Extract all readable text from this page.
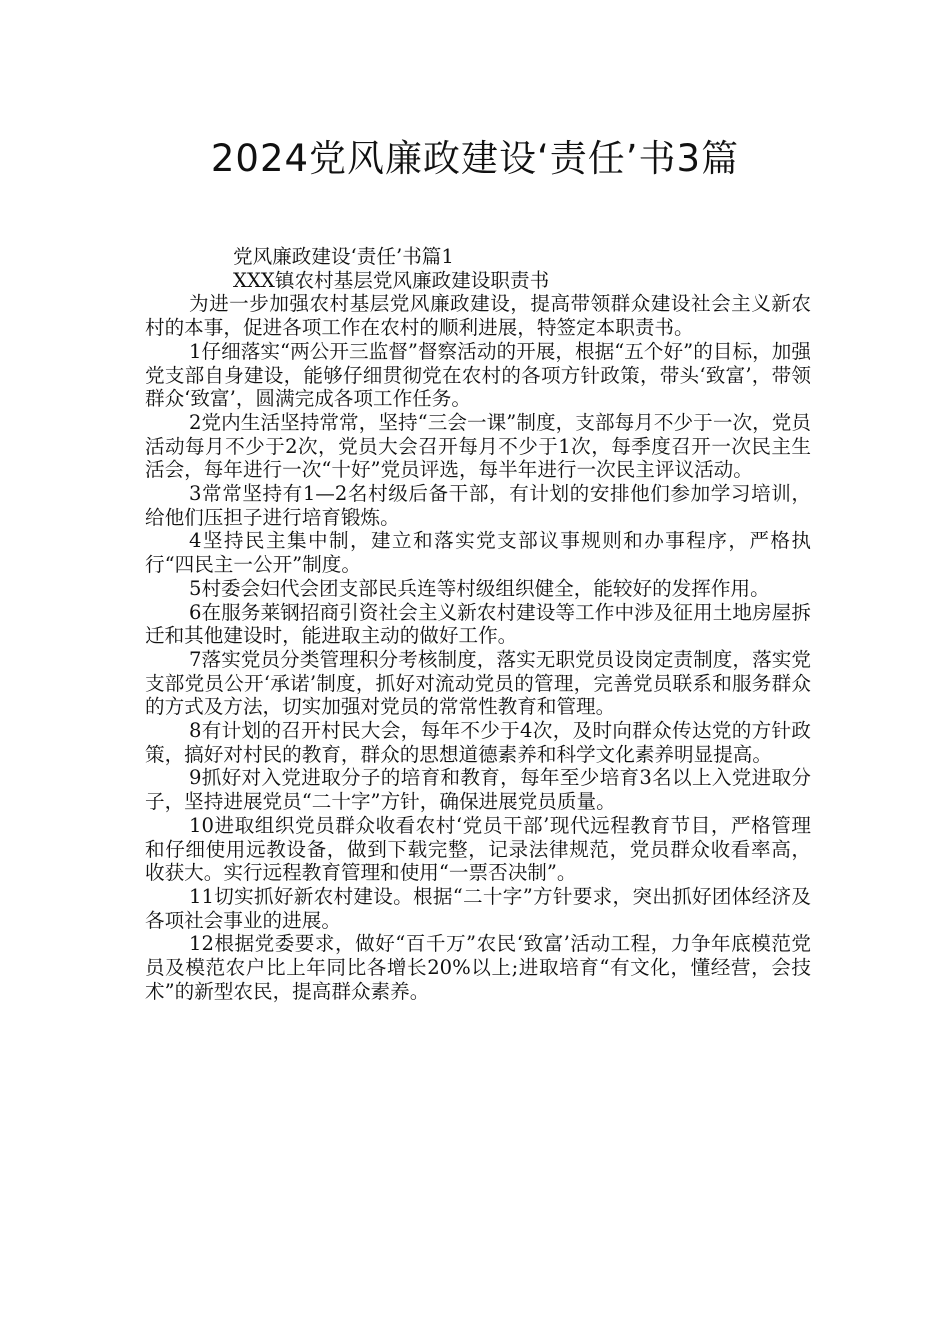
2024党风廉政建设‘责任’书3篇

党风廉政建设‘责任’书篇1

XXX镇农村基层党风廉政建设职责书

为进一步加强农村基层党风廉政建设，提高带领群众建设社会主义新农村的本事，促进各项工作在农村的顺利进展，特签定本职责书。

1仔细落实“两公开三监督”督察活动的开展，根据“五个好”的目标，加强党支部自身建设，能够仔细贯彻党在农村的各项方针政策，带头‘致富’，带领群众‘致富’，圆满完成各项工作任务。

2党内生活坚持常常，坚持“三会一课”制度，支部每月不少于一次，党员活动每月不少于2次，党员大会召开每月不少于1次，每季度召开一次民主生活会，每年进行一次“十好”党员评选，每半年进行一次民主评议活动。

3常常坚持有1—2名村级后备干部，有计划的安排他们参加学习培训，给他们压担子进行培育锻炼。

4坚持民主集中制，建立和落实党支部议事规则和办事程序，严格执行“四民主一公开”制度。

5村委会妇代会团支部民兵连等村级组织健全，能较好的发挥作用。

6在服务莱钢招商引资社会主义新农村建设等工作中涉及征用土地房屋拆迁和其他建设时，能进取主动的做好工作。

7落实党员分类管理积分考核制度，落实无职党员设岗定责制度，落实党支部党员公开‘承诺’制度，抓好对流动党员的管理，完善党员联系和服务群众的方式及方法，切实加强对党员的常常性教育和管理。

8有计划的召开村民大会，每年不少于4次，及时向群众传达党的方针政策，搞好对村民的教育，群众的思想道德素养和科学文化素养明显提高。

9抓好对入党进取分子的培育和教育，每年至少培育3名以上入党进取分子，坚持进展党员“二十字”方针，确保进展党员质量。

10进取组织党员群众收看农村‘党员干部’现代远程教育节目，严格管理和仔细使用远教设备，做到下载完整，记录法律规范，党员群众收看率高，收获大。实行远程教育管理和使用“一票否决制”。

11切实抓好新农村建设。根据“二十字”方针要求，突出抓好团体经济及各项社会事业的进展。

12根据党委要求，做好“百千万”农民‘致富’活动工程，力争年底模范党员及模范农户比上年同比各增长20%以上;进取培育“有文化，懂经营，会技术”的新型农民，提高群众素养。
